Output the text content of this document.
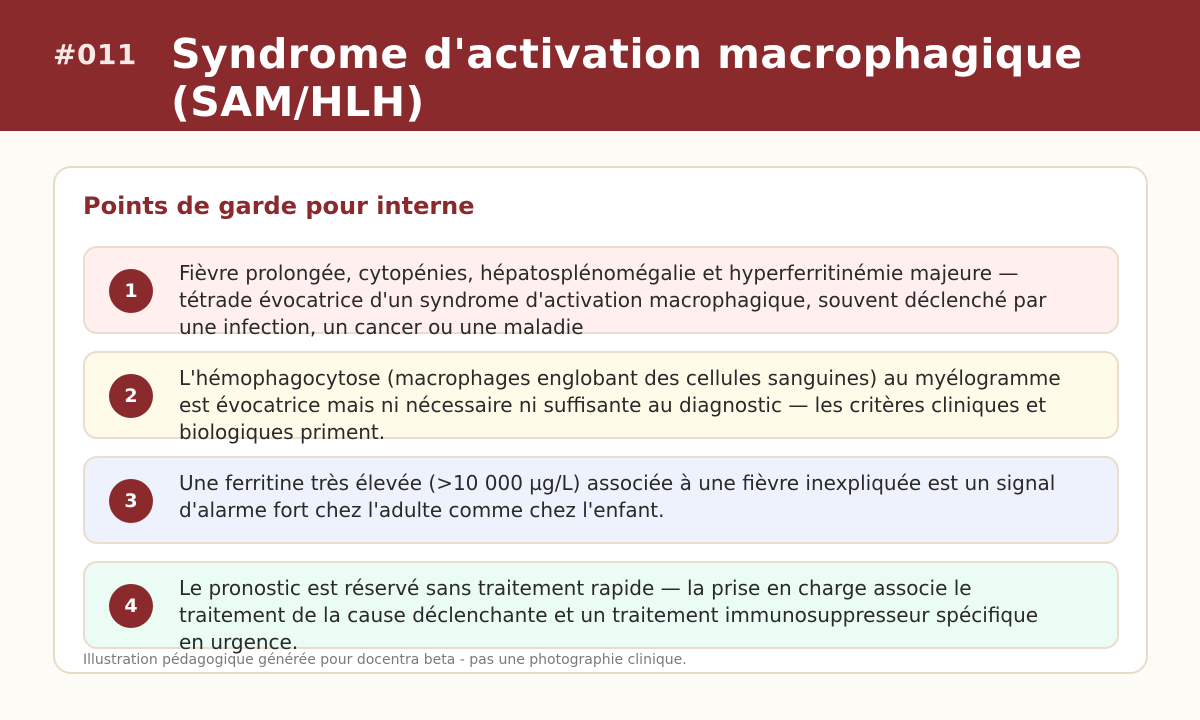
#011 Syndrome d'activation macrophagique (SAM/HLH)
Points de garde pour interne
1
Fièvre prolongée, cytopénies, hépatosplénomégalie et hyperferritinémie majeure — tétrade évocatrice d'un syndrome d'activation macrophagique, souvent déclenché par une infection, un cancer ou une maladie
2
L'hémophagocytose (macrophages englobant des cellules sanguines) au myélogramme est évocatrice mais ni nécessaire ni suffisante au diagnostic — les critères cliniques et biologiques priment.
3
Une ferritine très élevée (>10 000 µg/L) associée à une fièvre inexpliquée est un signal d'alarme fort chez l'adulte comme chez l'enfant.
4
Le pronostic est réservé sans traitement rapide — la prise en charge associe le traitement de la cause déclenchante et un traitement immunosuppresseur spécifique en urgence.
Illustration pédagogique générée pour docentra beta - pas une photographie clinique.
